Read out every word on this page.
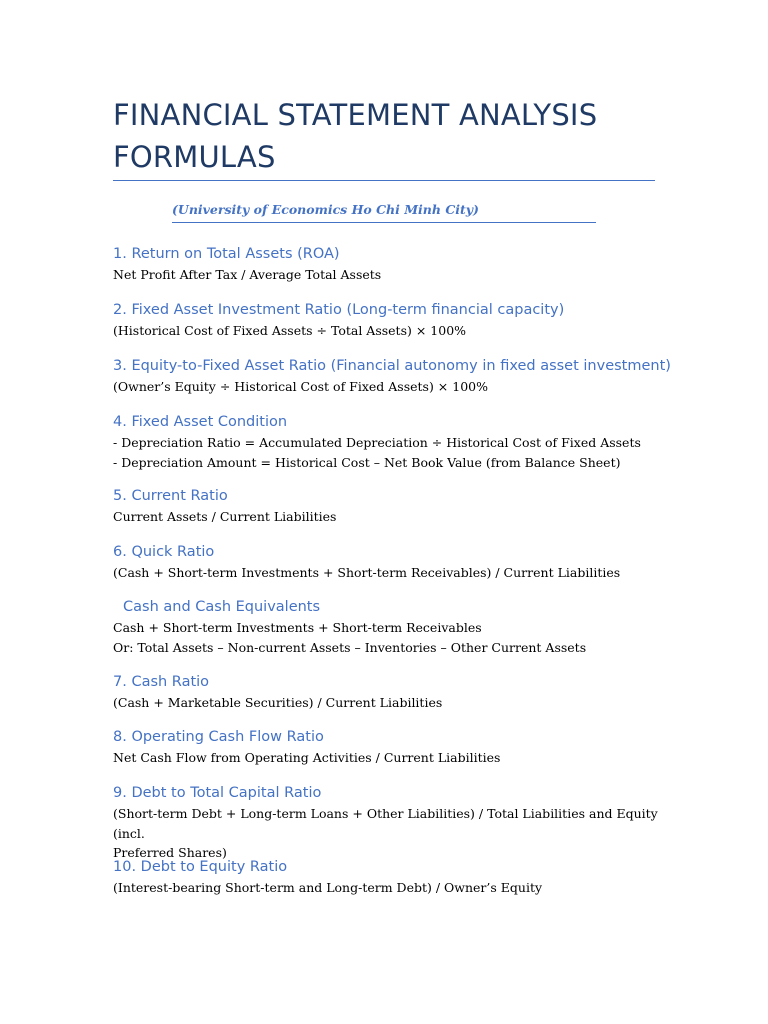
FINANCIAL STATEMENT ANALYSIS FORMULAS
(University of Economics Ho Chi Minh City)
1. Return on Total Assets (ROA)
Net Profit After Tax / Average Total Assets
2. Fixed Asset Investment Ratio (Long-term financial capacity)
(Historical Cost of Fixed Assets ÷ Total Assets) × 100%
3. Equity-to-Fixed Asset Ratio (Financial autonomy in fixed asset investment)
(Owner’s Equity ÷ Historical Cost of Fixed Assets) × 100%
4. Fixed Asset Condition
- Depreciation Ratio = Accumulated Depreciation ÷ Historical Cost of Fixed Assets
- Depreciation Amount = Historical Cost – Net Book Value (from Balance Sheet)
5. Current Ratio
Current Assets / Current Liabilities
6. Quick Ratio
(Cash + Short-term Investments + Short-term Receivables) / Current Liabilities
Cash and Cash Equivalents
Cash + Short-term Investments + Short-term Receivables
Or: Total Assets – Non-current Assets – Inventories – Other Current Assets
7. Cash Ratio
(Cash + Marketable Securities) / Current Liabilities
8. Operating Cash Flow Ratio
Net Cash Flow from Operating Activities / Current Liabilities
9. Debt to Total Capital Ratio
(Short-term Debt + Long-term Loans + Other Liabilities) / Total Liabilities and Equity (incl.
Preferred Shares)
10. Debt to Equity Ratio
(Interest-bearing Short-term and Long-term Debt) / Owner’s Equity
